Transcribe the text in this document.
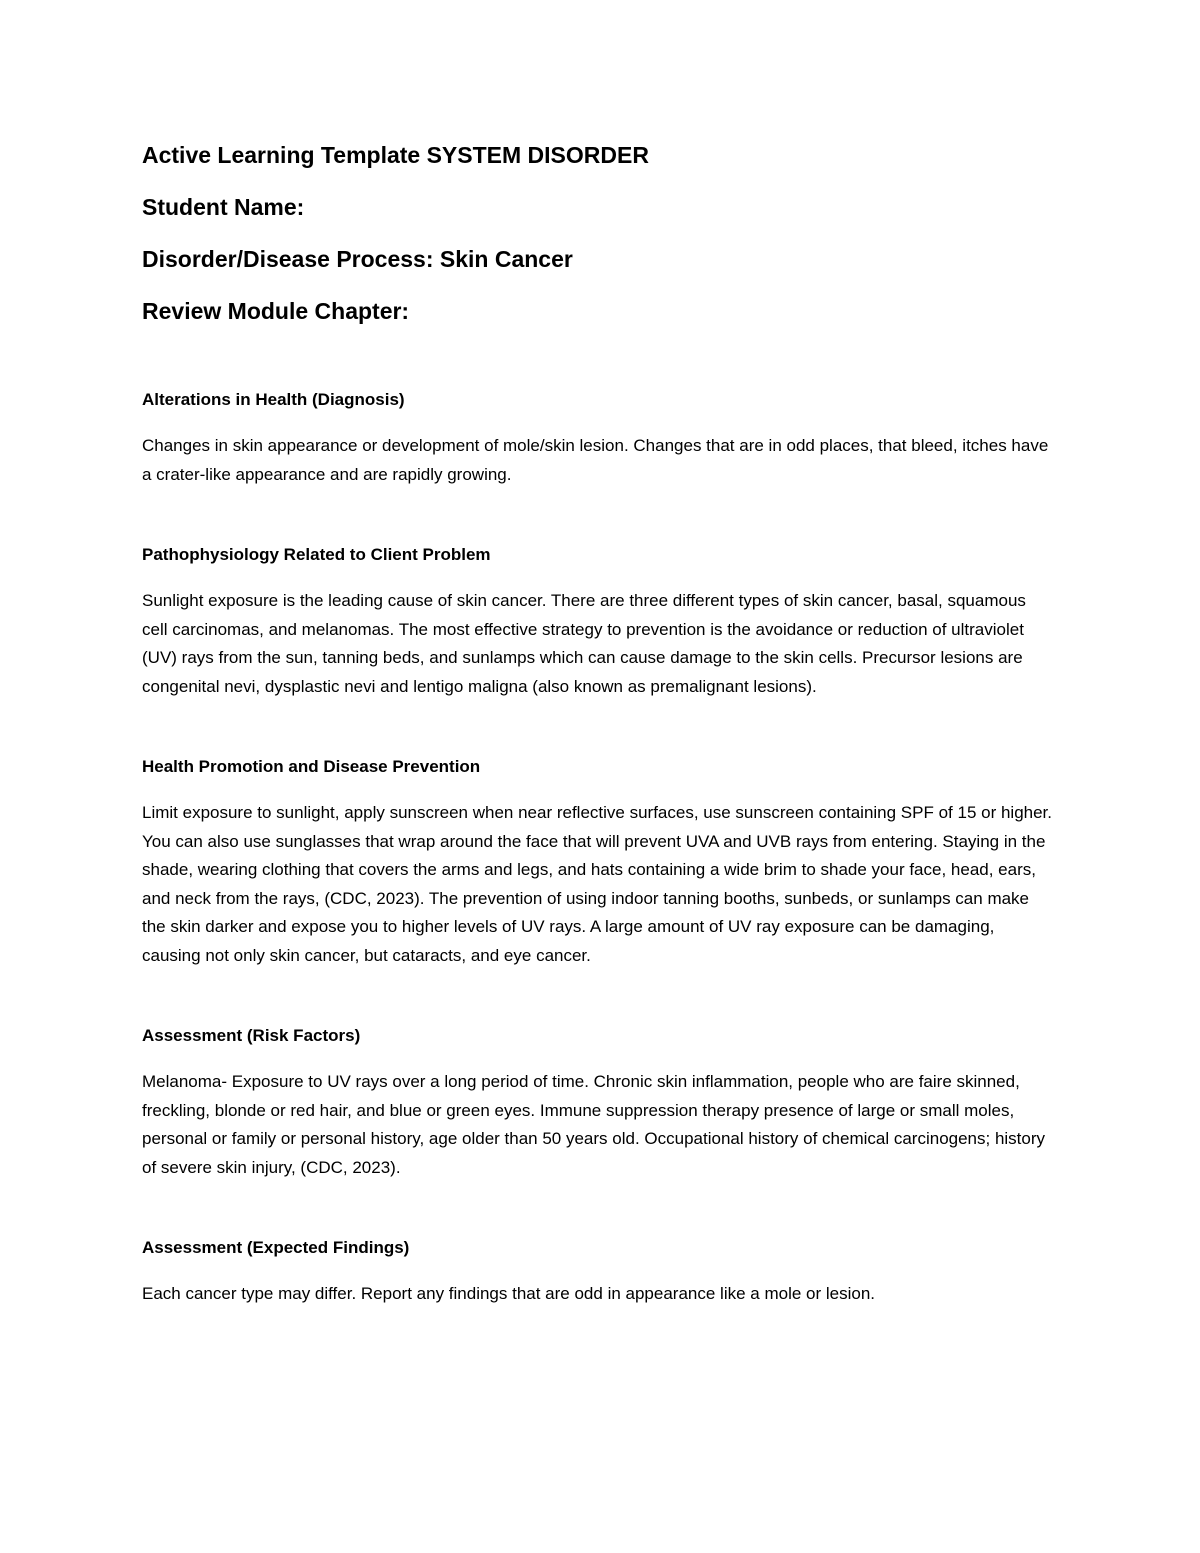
Active Learning Template SYSTEM DISORDER
Student Name:
Disorder/Disease Process: Skin Cancer
Review Module Chapter:
Alterations in Health (Diagnosis)

Changes in skin appearance or development of mole/skin lesion. Changes that are in odd places, that bleed, itches have a crater-like appearance and are rapidly growing.

Pathophysiology Related to Client Problem

Sunlight exposure is the leading cause of skin cancer. There are three different types of skin cancer, basal, squamous cell carcinomas, and melanomas. The most effective strategy to prevention is the avoidance or reduction of ultraviolet (UV) rays from the sun, tanning beds, and sunlamps which can cause damage to the skin cells. Precursor lesions are congenital nevi, dysplastic nevi and lentigo maligna (also known as premalignant lesions).

Health Promotion and Disease Prevention

Limit exposure to sunlight, apply sunscreen when near reflective surfaces, use sunscreen containing SPF of 15 or higher. You can also use sunglasses that wrap around the face that will prevent UVA and UVB rays from entering. Staying in the shade, wearing clothing that covers the arms and legs, and hats containing a wide brim to shade your face, head, ears, and neck from the rays, (CDC, 2023). The prevention of using indoor tanning booths, sunbeds, or sunlamps can make the skin darker and expose you to higher levels of UV rays. A large amount of UV ray exposure can be damaging, causing not only skin cancer, but cataracts, and eye cancer.

Assessment (Risk Factors)

Melanoma- Exposure to UV rays over a long period of time. Chronic skin inflammation, people who are faire skinned, freckling, blonde or red hair, and blue or green eyes. Immune suppression therapy presence of large or small moles, personal or family or personal history, age older than 50 years old. Occupational history of chemical carcinogens; history of severe skin injury, (CDC, 2023).

Assessment (Expected Findings)

Each cancer type may differ. Report any findings that are odd in appearance like a mole or lesion.
